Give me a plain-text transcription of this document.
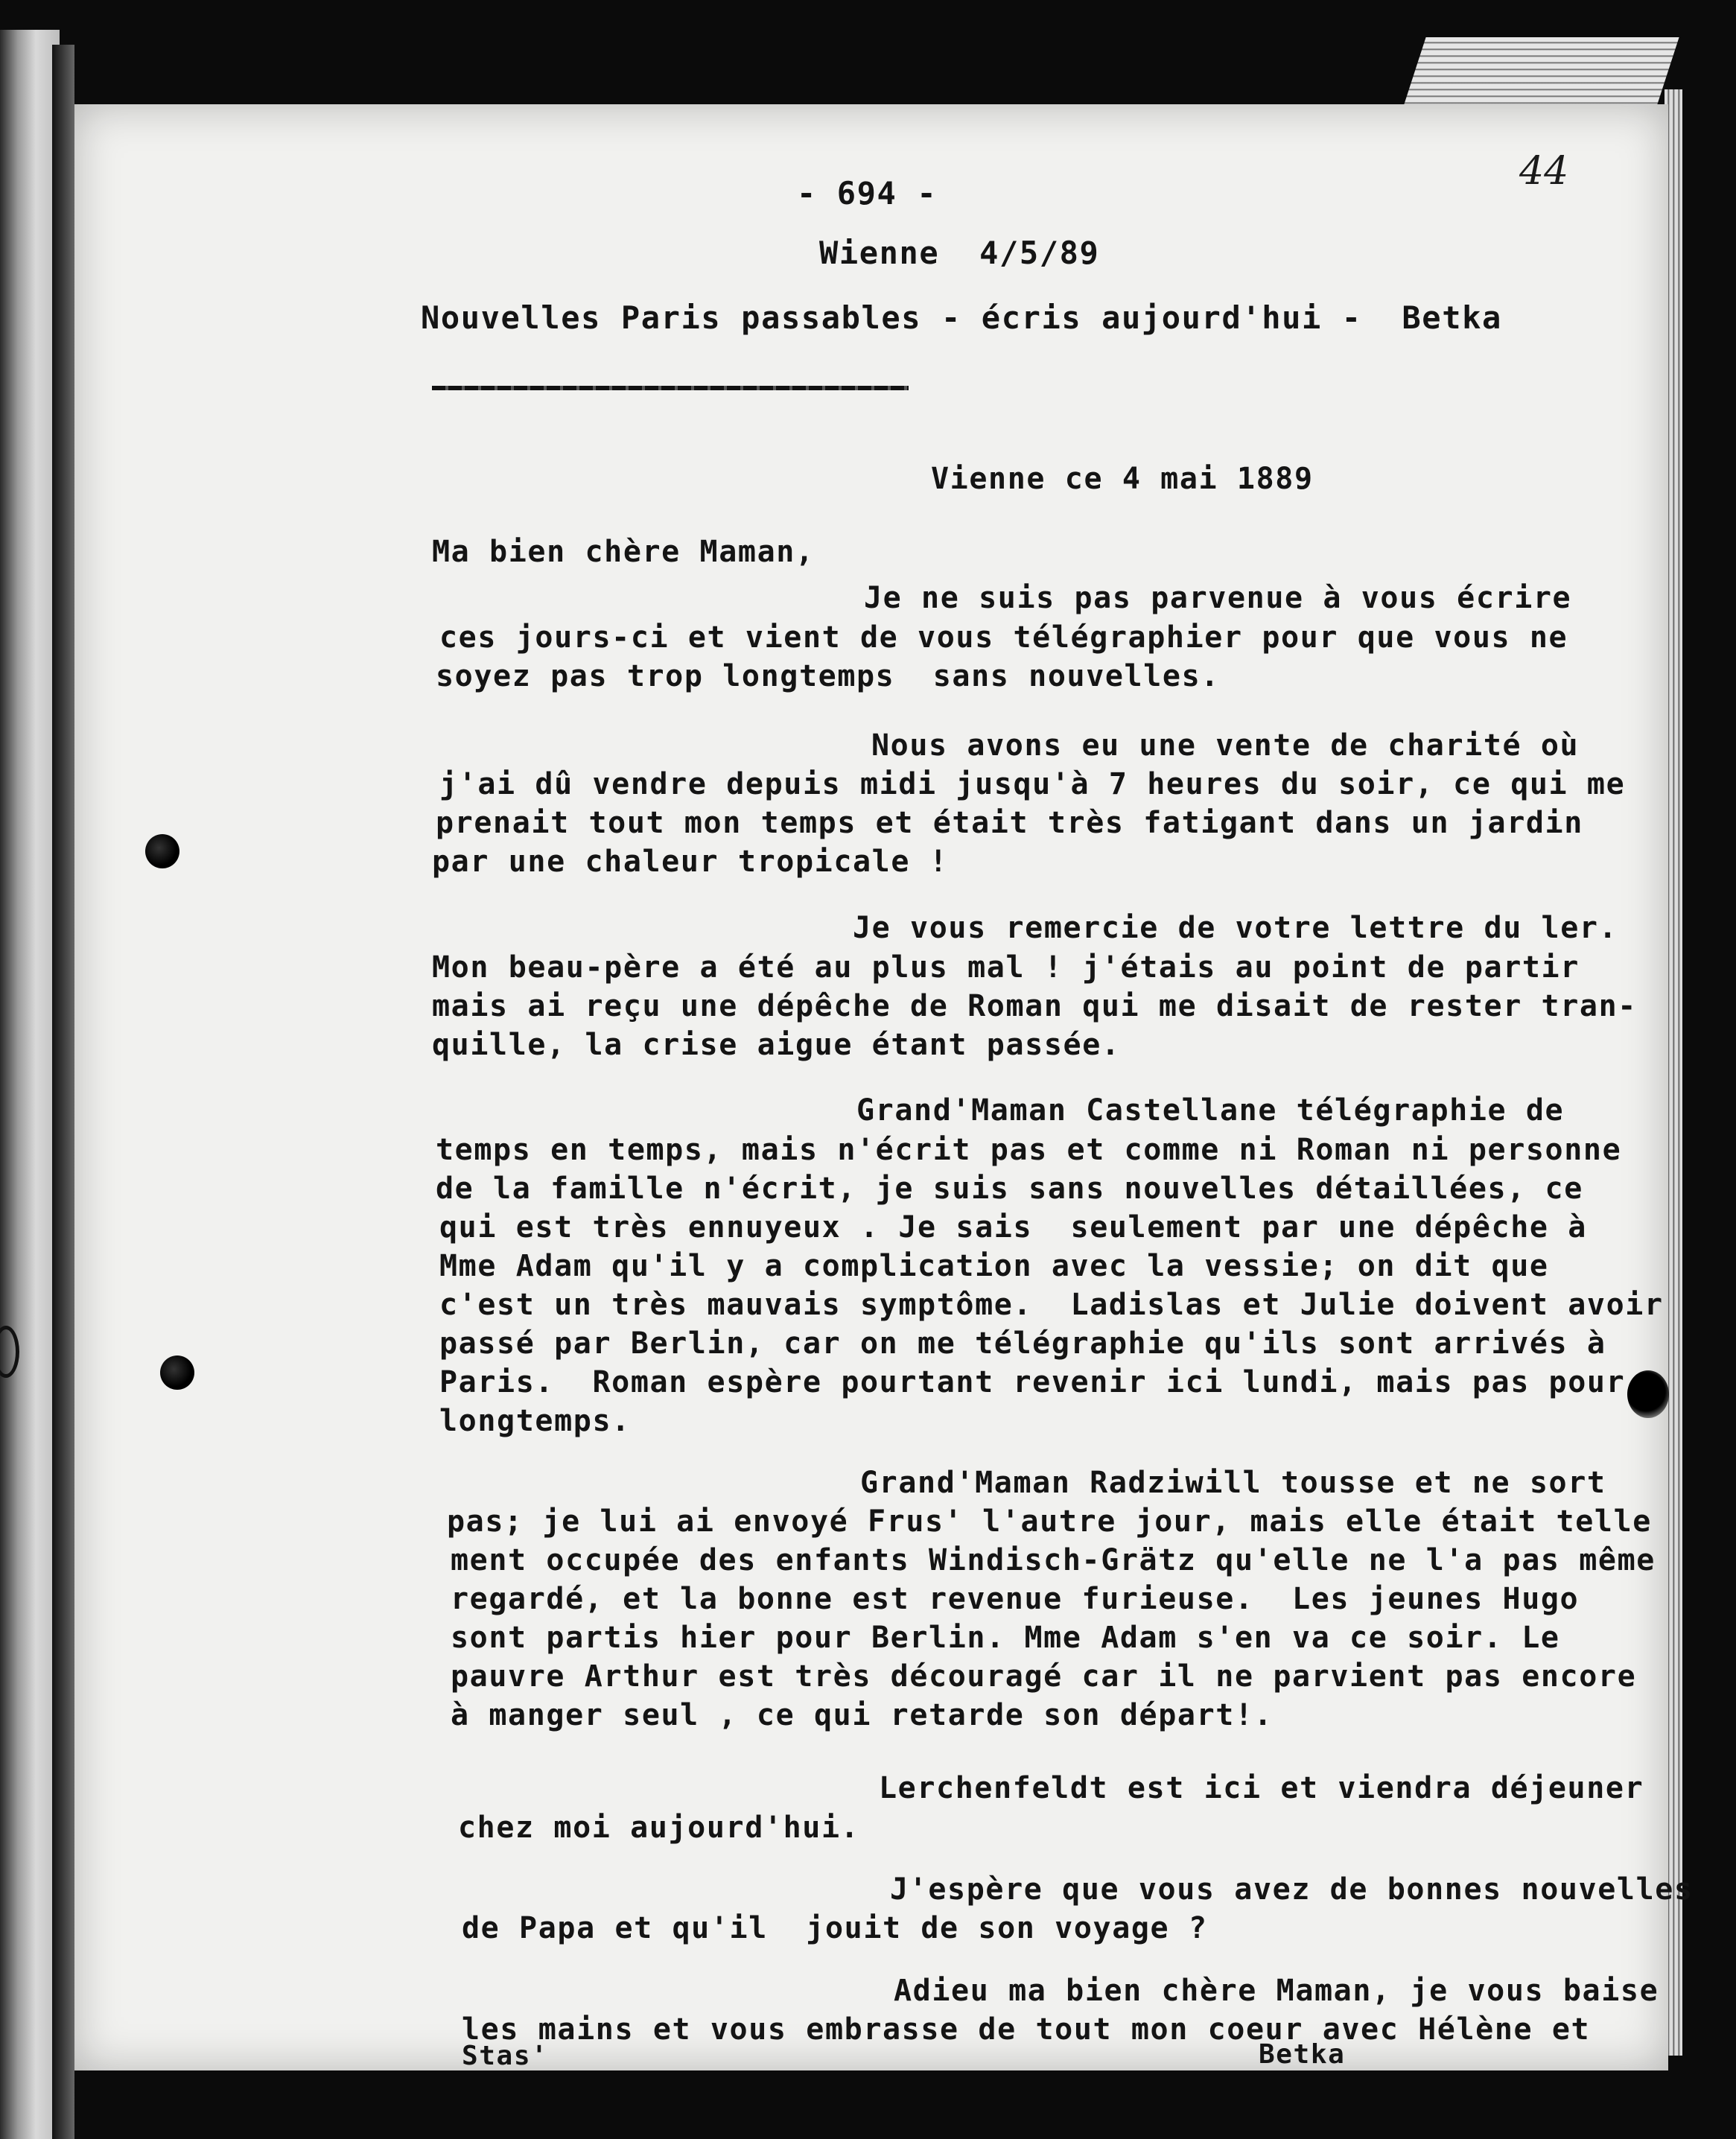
- 694 -	44
Wienne  4/5/89
Nouvelles Paris passables - écris aujourd'hui -  Betka
Vienne ce 4 mai 1889
Ma bien chère Maman,
Je ne suis pas parvenue à vous écrire
ces jours-ci et vient de vous télégraphier pour que vous ne
soyez pas trop longtemps  sans nouvelles.
Nous avons eu une vente de charité où
j'ai dû vendre depuis midi jusqu'à 7 heures du soir, ce qui me
prenait tout mon temps et était très fatigant dans un jardin
par une chaleur tropicale !
Je vous remercie de votre lettre du ler.
Mon beau-père a été au plus mal ! j'étais au point de partir
mais ai reçu une dépêche de Roman qui me disait de rester tran-
quille, la crise aigue étant passée.
Grand'Maman Castellane télégraphie de
temps en temps, mais n'écrit pas et comme ni Roman ni personne
de la famille n'écrit, je suis sans nouvelles détaillées, ce
qui est très ennuyeux . Je sais  seulement par une dépêche à
Mme Adam qu'il y a complication avec la vessie; on dit que
c'est un très mauvais symptôme.  Ladislas et Julie doivent avoir
passé par Berlin, car on me télégraphie qu'ils sont arrivés à
Paris.  Roman espère pourtant revenir ici lundi, mais pas pour
longtemps.
Grand'Maman Radziwill tousse et ne sort
pas; je lui ai envoyé Frus' l'autre jour, mais elle était telle
ment occupée des enfants Windisch-Grätz qu'elle ne l'a pas même
regardé, et la bonne est revenue furieuse.  Les jeunes Hugo
sont partis hier pour Berlin. Mme Adam s'en va ce soir. Le
pauvre Arthur est très découragé car il ne parvient pas encore
à manger seul , ce qui retarde son départ!.
Lerchenfeldt est ici et viendra déjeuner
chez moi aujourd'hui.
J'espère que vous avez de bonnes nouvelles
de Papa et qu'il  jouit de son voyage ?
Adieu ma bien chère Maman, je vous baise
les mains et vous embrasse de tout mon coeur avec Hélène et
Stas'	Betka
